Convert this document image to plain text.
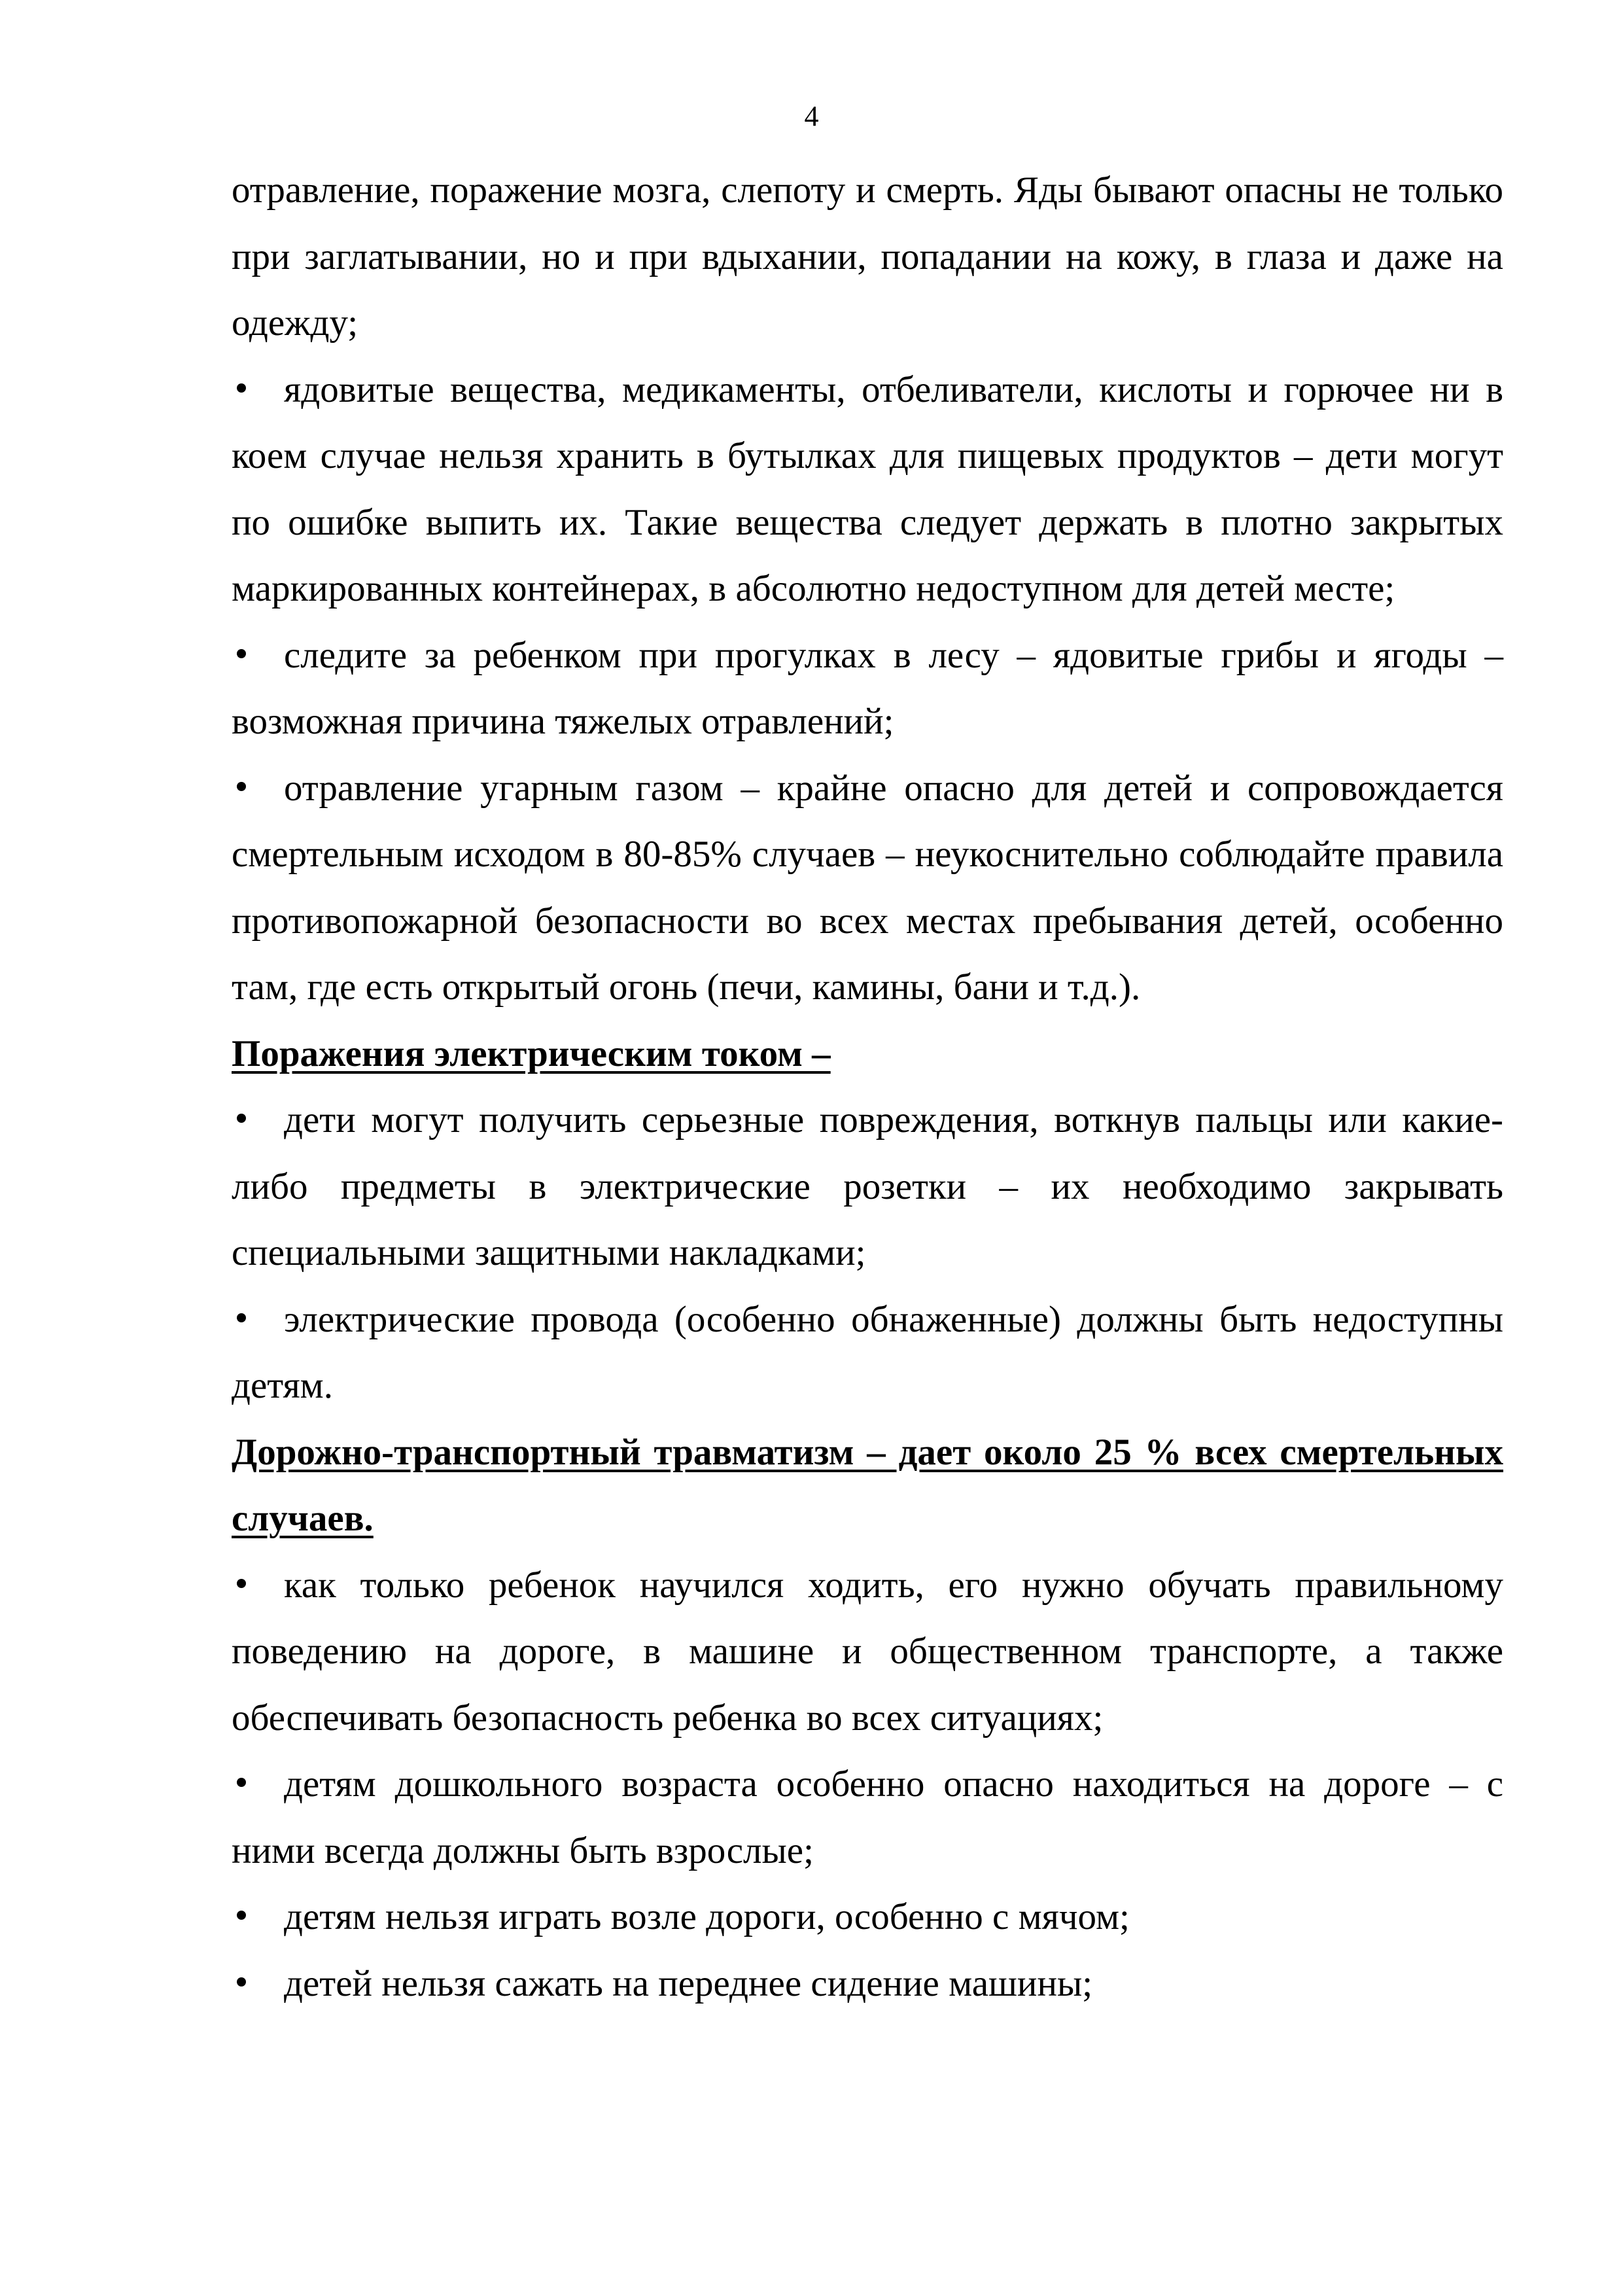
4

отравление, поражение мозга, слепоту и смерть. Яды бывают опасны не только при заглатывании, но и при вдыхании, попадании на кожу, в глаза и даже на одежду;

ядовитые вещества, медикаменты, отбеливатели, кислоты и горючее ни в коем случае нельзя хранить в бутылках для пищевых продуктов – дети могут по ошибке выпить их. Такие вещества следует держать в плотно закрытых маркированных контейнерах, в абсолютно недоступном для детей месте;

следите за ребенком при прогулках в лесу – ядовитые грибы и ягоды – возможная причина тяжелых отравлений;

отравление угарным газом – крайне опасно для детей и сопровождается смертельным исходом в 80-85% случаев – неукоснительно соблюдайте правила противопожарной безопасности во всех местах пребывания детей, особенно там, где есть открытый огонь (печи, камины, бани и т.д.).

Поражения электрическим током –

дети могут получить серьезные повреждения, воткнув пальцы или какие-либо предметы в электрические розетки – их необходимо закрывать специальными защитными накладками;

электрические провода (особенно обнаженные) должны быть недоступны детям.

Дорожно-транспортный травматизм – дает около 25 % всех смертельных случаев.

как только ребенок научился ходить, его нужно обучать правильному поведению на дороге, в машине и общественном транспорте, а также обеспечивать безопасность ребенка во всех ситуациях;

детям дошкольного возраста особенно опасно находиться на дороге – с ними всегда должны быть взрослые;

детям нельзя играть возле дороги, особенно с мячом;

детей нельзя сажать на переднее сидение машины;
